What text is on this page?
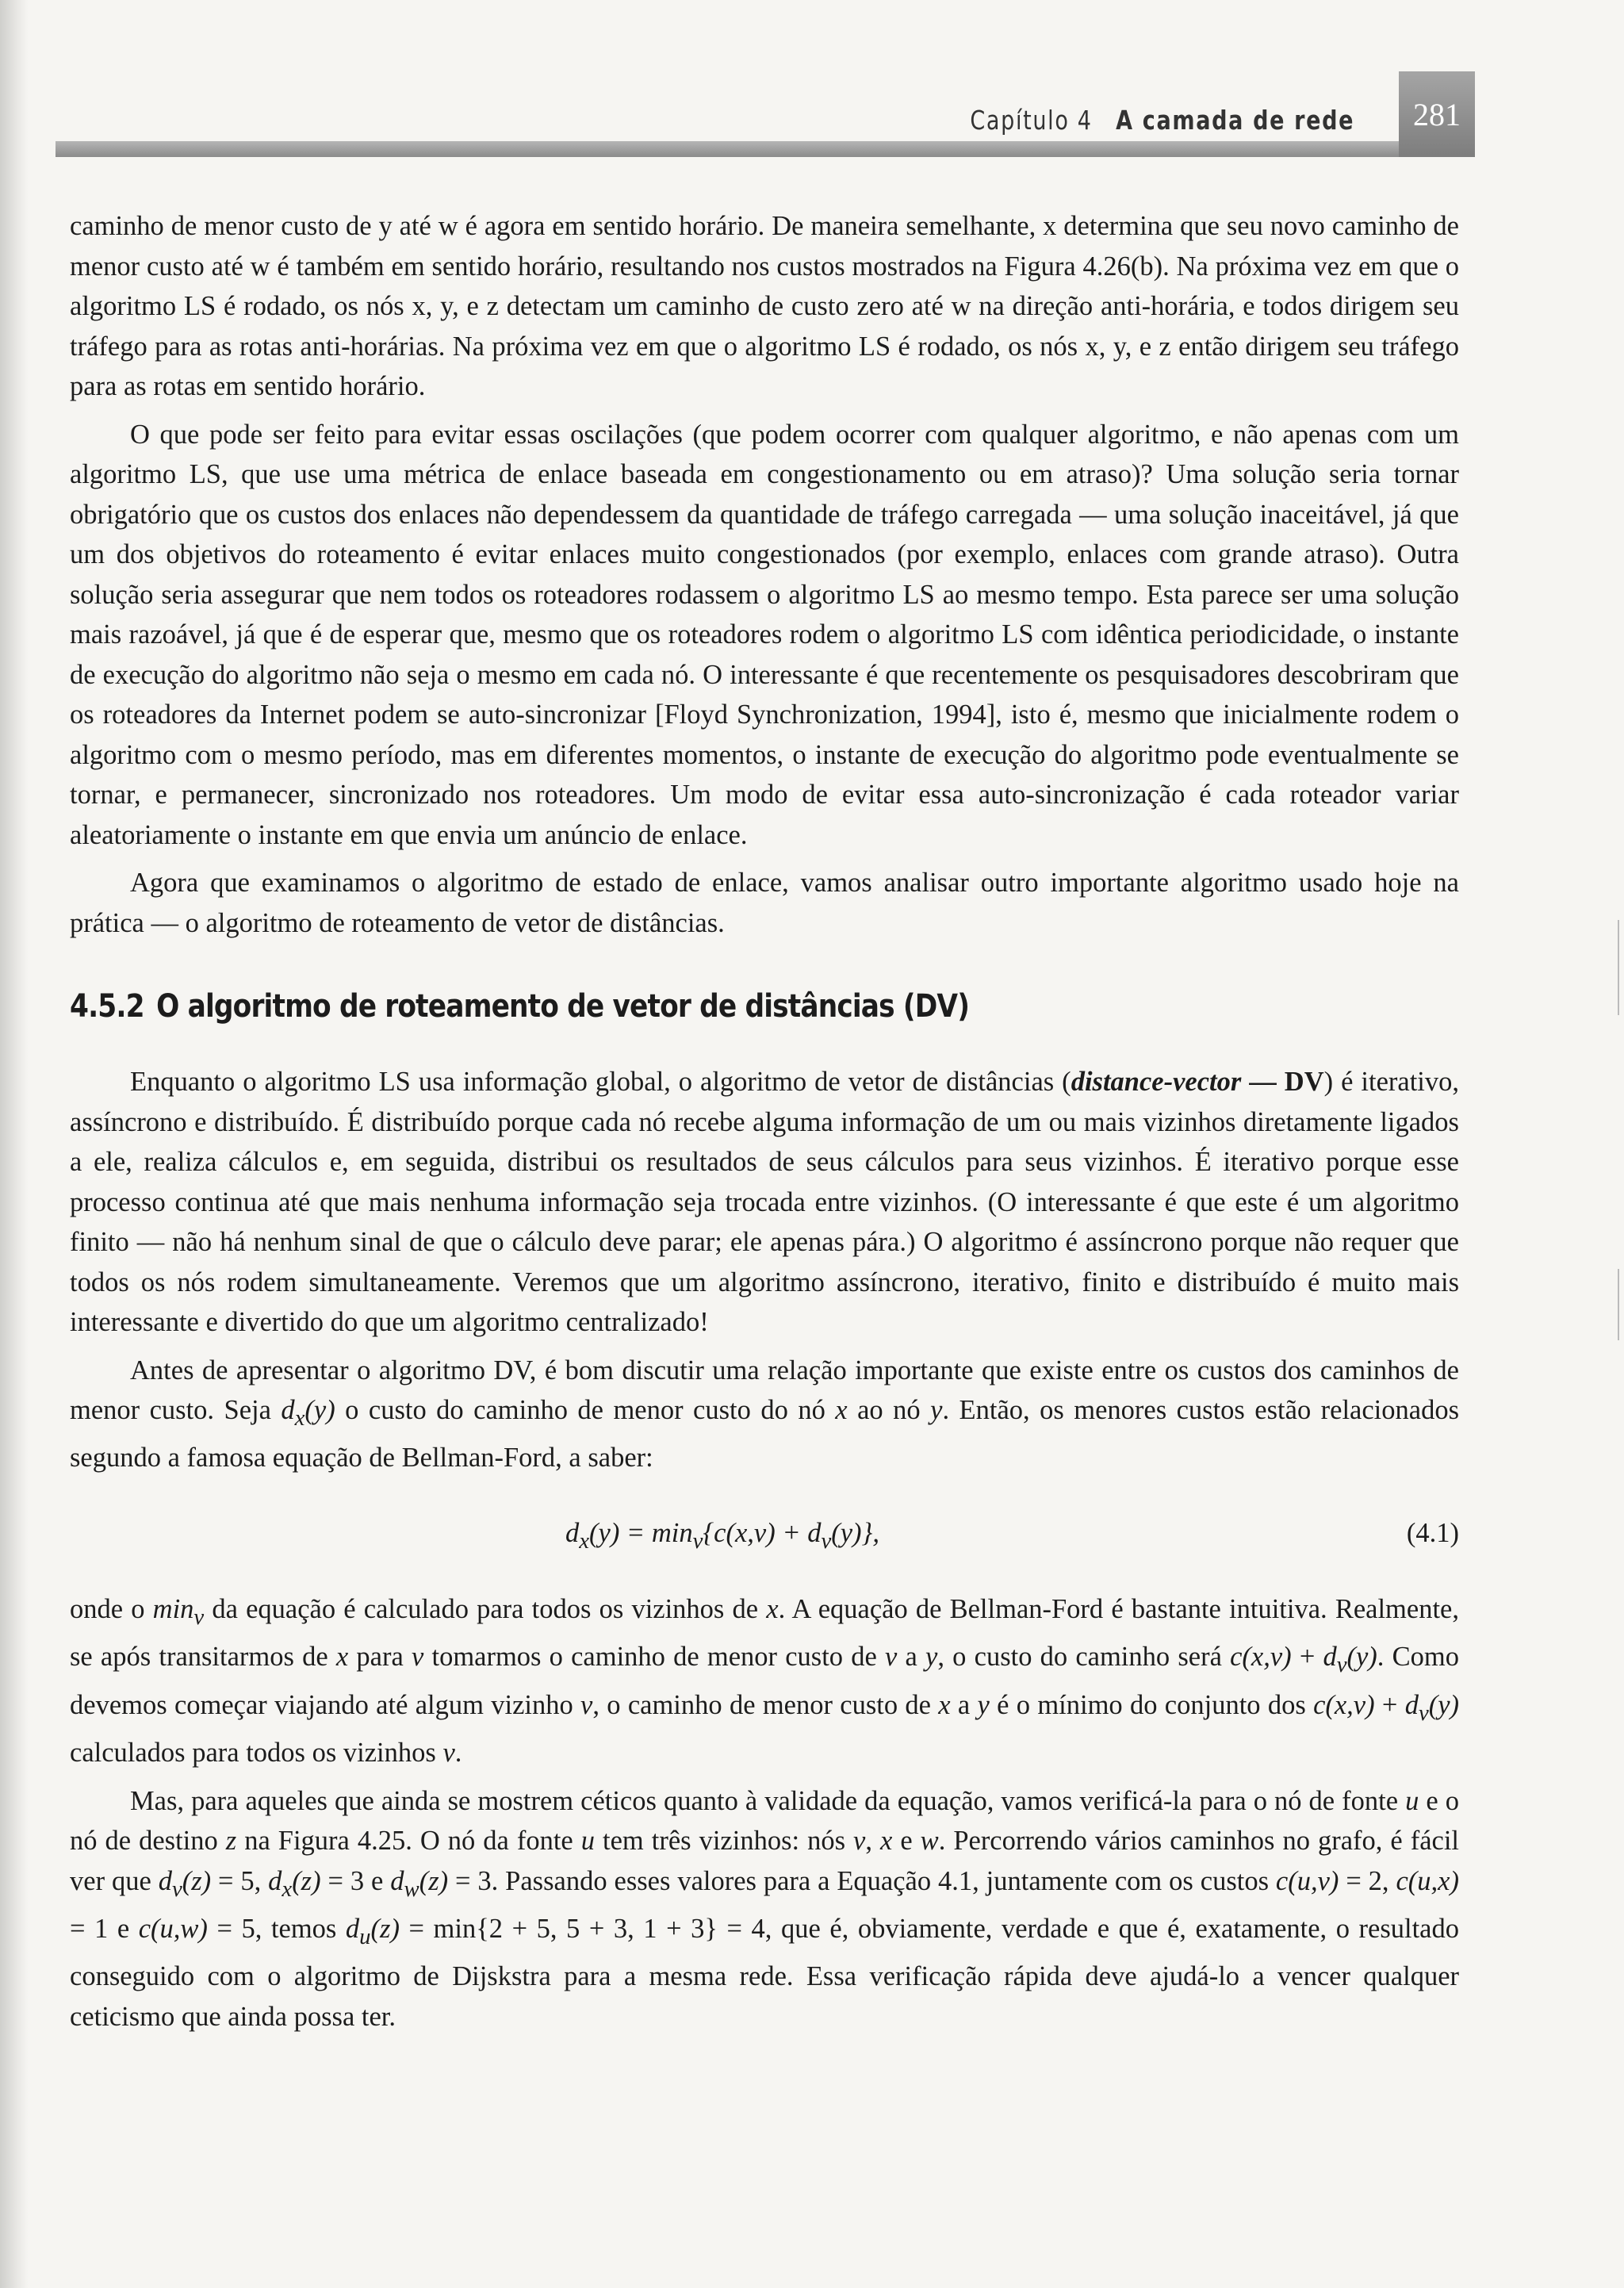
Capítulo 4 A camada de rede	281

caminho de menor custo de y até w é agora em sentido horário. De maneira semelhante, x determina que seu novo caminho de menor custo até w é também em sentido horário, resultando nos custos mostrados na Figura 4.26(b). Na próxima vez em que o algoritmo LS é rodado, os nós x, y, e z detectam um caminho de custo zero até w na direção anti-horária, e todos dirigem seu tráfego para as rotas anti-horárias. Na próxima vez em que o algoritmo LS é rodado, os nós x, y, e z então dirigem seu tráfego para as rotas em sentido horário.

O que pode ser feito para evitar essas oscilações (que podem ocorrer com qualquer algoritmo, e não apenas com um algoritmo LS, que use uma métrica de enlace baseada em congestionamento ou em atraso)? Uma solução seria tornar obrigatório que os custos dos enlaces não dependessem da quantidade de tráfego carregada — uma solução inaceitável, já que um dos objetivos do roteamento é evitar enlaces muito congestionados (por exemplo, enlaces com grande atraso). Outra solução seria assegurar que nem todos os roteadores rodassem o algoritmo LS ao mesmo tempo. Esta parece ser uma solução mais razoável, já que é de esperar que, mesmo que os roteadores rodem o algoritmo LS com idêntica periodicidade, o instante de execução do algoritmo não seja o mesmo em cada nó. O interessante é que recentemente os pesquisadores descobriram que os roteadores da Internet podem se auto-sincronizar [Floyd Synchronization, 1994], isto é, mesmo que inicialmente rodem o algoritmo com o mesmo período, mas em diferentes momentos, o instante de execução do algoritmo pode eventualmente se tornar, e permanecer, sincronizado nos roteadores. Um modo de evitar essa auto-sincronização é cada roteador variar aleatoriamente o instante em que envia um anúncio de enlace.

Agora que examinamos o algoritmo de estado de enlace, vamos analisar outro importante algoritmo usado hoje na prática — o algoritmo de roteamento de vetor de distâncias.

4.5.2 O algoritmo de roteamento de vetor de distâncias (DV)

Enquanto o algoritmo LS usa informação global, o algoritmo de vetor de distâncias (distance-vector — DV) é iterativo, assíncrono e distribuído. É distribuído porque cada nó recebe alguma informação de um ou mais vizinhos diretamente ligados a ele, realiza cálculos e, em seguida, distribui os resultados de seus cálculos para seus vizinhos. É iterativo porque esse processo continua até que mais nenhuma informação seja trocada entre vizinhos. (O interessante é que este é um algoritmo finito — não há nenhum sinal de que o cálculo deve parar; ele apenas pára.) O algoritmo é assíncrono porque não requer que todos os nós rodem simultaneamente. Veremos que um algoritmo assíncrono, iterativo, finito e distribuído é muito mais interessante e divertido do que um algoritmo centralizado!

Antes de apresentar o algoritmo DV, é bom discutir uma relação importante que existe entre os custos dos caminhos de menor custo. Seja $d_x(y)$ o custo do caminho de menor custo do nó x ao nó y. Então, os menores custos estão relacionados segundo a famosa equação de Bellman-Ford, a saber:

$d_x(y) = \min_v\{c(x,v) + d_v(y)\}$,	(4.1)

onde o $\min_v$ da equação é calculado para todos os vizinhos de x. A equação de Bellman-Ford é bastante intuitiva. Realmente, se após transitarmos de x para v tomarmos o caminho de menor custo de v a y, o custo do caminho será $c(x,v) + d_v(y)$. Como devemos começar viajando até algum vizinho v, o caminho de menor custo de x a y é o mínimo do conjunto dos $c(x,v) + d_v(y)$ calculados para todos os vizinhos v.

Mas, para aqueles que ainda se mostrem céticos quanto à validade da equação, vamos verificá-la para o nó de fonte u e o nó de destino z na Figura 4.25. O nó da fonte u tem três vizinhos: nós v, x e w. Percorrendo vários caminhos no grafo, é fácil ver que $d_v(z) = 5$, $d_x(z) = 3$ e $d_w(z) = 3$. Passando esses valores para a Equação 4.1, juntamente com os custos c(u,v) = 2, c(u,x) = 1 e c(u,w) = 5, temos $d_u(z) = \min\{2 + 5$, 5 + 3, 1 + 3} = 4, que é, obviamente, verdade e que é, exatamente, o resultado conseguido com o algoritmo de Dijskstra para a mesma rede. Essa verificação rápida deve ajudá-lo a vencer qualquer ceticismo que ainda possa ter.
